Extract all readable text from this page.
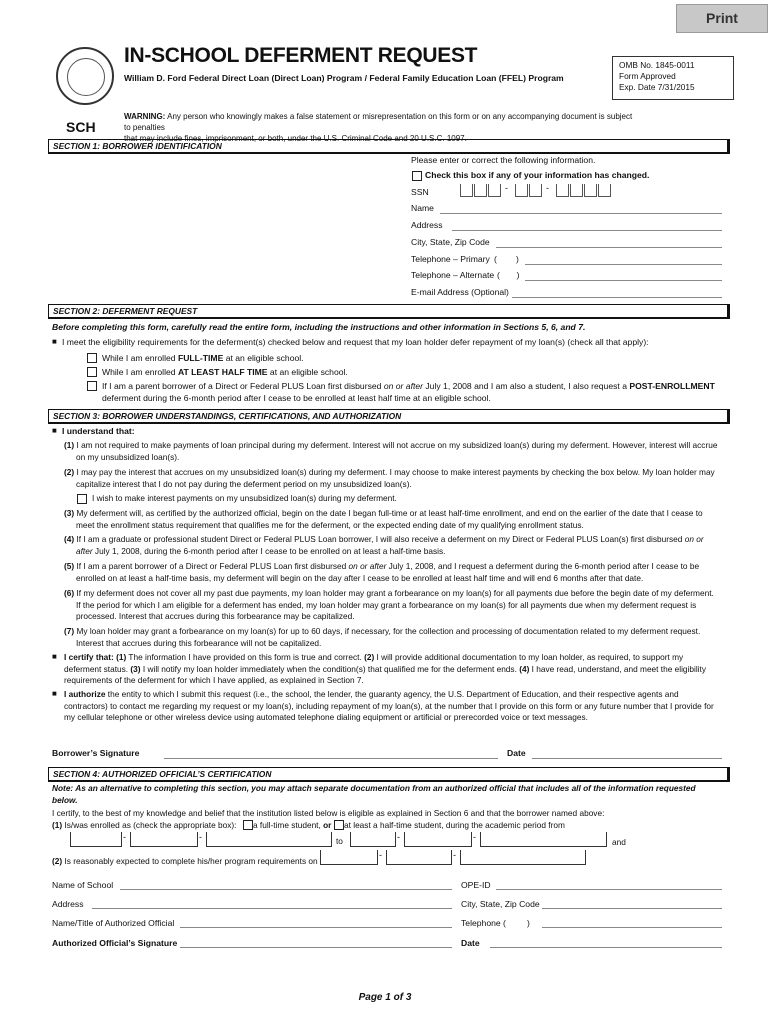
Print
IN-SCHOOL DEFERMENT REQUEST
William D. Ford Federal Direct Loan (Direct Loan) Program / Federal Family Education Loan (FFEL) Program
OMB No. 1845-0011
Form Approved
Exp. Date 7/31/2015
WARNING: Any person who knowingly makes a false statement or misrepresentation on this form or on any accompanying document is subject to penalties
that may include fines, imprisonment, or both, under the U.S. Criminal Code and 20 U.S.C. 1097.
SCH
SECTION 1: BORROWER IDENTIFICATION
Please enter or correct the following information.
Check this box if any of your information has changed.
SSN	-	-
Name
Address
City, State, Zip Code
Telephone – Primary (        )
Telephone – Alternate (       )
E-mail Address (Optional)
SECTION 2: DEFERMENT REQUEST
Before completing this form, carefully read the entire form, including the instructions and other information in Sections 5, 6, and 7.
■ I meet the eligibility requirements for the deferment(s) checked below and request that my loan holder defer repayment of my loan(s) (check all that apply):
While I am enrolled FULL-TIME at an eligible school.
While I am enrolled AT LEAST HALF TIME at an eligible school.
If I am a parent borrower of a Direct or Federal PLUS Loan first disbursed on or after July 1, 2008 and I am also a student, I also request a POST-ENROLLMENT
deferment during the 6-month period after I cease to be enrolled at least half time at an eligible school.
SECTION 3: BORROWER UNDERSTANDINGS, CERTIFICATIONS, AND AUTHORIZATION
■ I understand that:
(1) I am not required to make payments of loan principal during my deferment. Interest will not accrue on my subsidized loan(s) during my deferment. However, interest will accrue
on my unsubsidized loan(s).
(2) I may pay the interest that accrues on my unsubsidized loan(s) during my deferment. I may choose to make interest payments by checking the box below. My loan holder may
capitalize interest that I do not pay during the deferment period on my unsubsidized loan(s).
I wish to make interest payments on my unsubsidized loan(s) during my deferment.
(3) My deferment will, as certified by the authorized official, begin on the date I began full-time or at least half-time enrollment, and end on the earlier of the date that I cease to
meet the enrollment status requirement that qualifies me for the deferment, or the expected ending date of my qualifying enrollment status.
(4) If I am a graduate or professional student Direct or Federal PLUS Loan borrower, I will also receive a deferment on my Direct or Federal PLUS Loan(s) first disbursed on or
after July 1, 2008, during the 6-month period after I cease to be enrolled on at least a half-time basis.
(5) If I am a parent borrower of a Direct or Federal PLUS Loan first disbursed on or after July 1, 2008, and I request a deferment during the 6-month period after I cease to be
enrolled on at least a half-time basis, my deferment will begin on the day after I cease to be enrolled at least half time and will end 6 months after that date.
(6) If my deferment does not cover all my past due payments, my loan holder may grant a forbearance on my loan(s) for all payments due before the begin date of my deferment.
If the period for which I am eligible for a deferment has ended, my loan holder may grant a forbearance on my loan(s) for all payments due when my deferment request is
processed. Interest that accrues during this forbearance may be capitalized.
(7) My loan holder may grant a forbearance on my loan(s) for up to 60 days, if necessary, for the collection and processing of documentation related to my deferment request.
Interest that accrues during this forbearance will not be capitalized.
■ I certify that: (1) The information I have provided on this form is true and correct. (2) I will provide additional documentation to my loan holder, as required, to support my
deferment status. (3) I will notify my loan holder immediately when the condition(s) that qualified me for the deferment ends. (4) I have read, understand, and meet the eligibility
requirements of the deferment for which I have applied, as explained in Section 7.
■ I authorize the entity to which I submit this request (i.e., the school, the lender, the guaranty agency, the U.S. Department of Education, and their respective agents and
contractors) to contact me regarding my request or my loan(s), including repayment of my loan(s), at the number that I provide on this form or any future number that I provide for
my cellular telephone or other wireless device using automated telephone dialing equipment or artificial or prerecorded voice or text messages.
Borrower’s Signature	Date
SECTION 4: AUTHORIZED OFFICIAL’S CERTIFICATION
Note: As an alternative to completing this section, you may attach separate documentation from an authorized official that includes all of the information requested
below.
I certify, to the best of my knowledge and belief that the institution listed below is eligible as explained in Section 6 and that the borrower named above:
(1) Is/was enrolled as (check the appropriate box): a full-time student, or at least a half-time student, during the academic period from
-	-	to	-	-	and
(2) Is reasonably expected to complete his/her program requirements on
-	-
Name of School	OPE-ID
Address	City, State, Zip Code
Name/Title of Authorized Official	Telephone ( )
Authorized Official’s Signature	Date
Page 1 of 3
